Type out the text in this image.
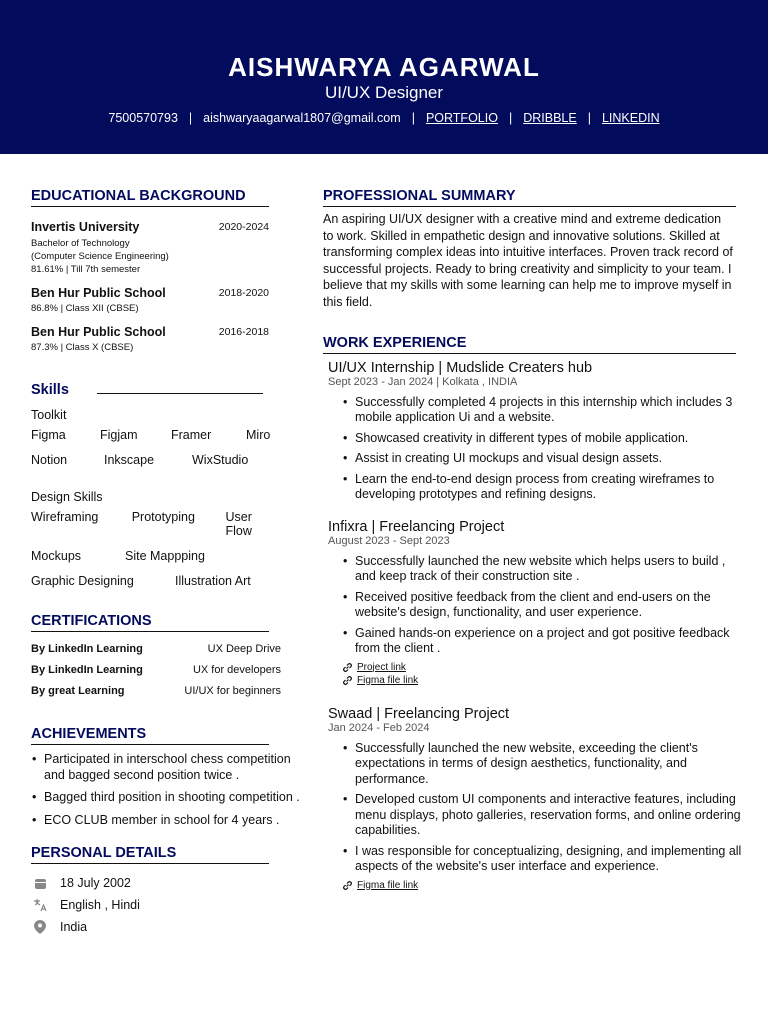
AISHWARYA AGARWAL
UI/UX Designer
7500570793 | aishwaryaagarwal1807@gmail.com | PORTFOLIO | DRIBBLE | LINKEDIN
EDUCATIONAL BACKGROUND
Invertis University	2020-2024
Bachelor of Technology
(Computer Science Engineering)
81.61% | Till 7th semester
Ben Hur Public School	2018-2020
86.8% | Class XII (CBSE)
Ben Hur Public School	2016-2018
87.3% | Class X (CBSE)
Skills
Toolkit
Figma	Figjam	Framer	Miro
Notion	Inkscape	WixStudio
Design Skills
Wireframing	Prototyping	User Flow
Mockups	Site Mappping
Graphic Designing	Illustration Art
CERTIFICATIONS
By LinkedIn Learning	UX Deep Drive
By LinkedIn Learning	UX for developers
By great Learning	UI/UX for beginners
ACHIEVEMENTS
• Participated in interschool chess competition and bagged second position twice .
• Bagged third position in shooting competition .
• ECO CLUB member in school for 4 years .
PERSONAL DETAILS
18 July 2002
English , Hindi
India
PROFESSIONAL SUMMARY

An aspiring UI/UX designer with a creative mind and extreme dedication to work. Skilled in empathetic design and innovative solutions. Skilled at transforming complex ideas into intuitive interfaces. Proven track record of successful projects. Ready to bring creativity and simplicity to your team. I believe that my skills with some learning can help me to improve myself in this field.

WORK EXPERIENCE
UI/UX Internship | Mudslide Creaters hub
Sept 2023 - Jan 2024 | Kolkata , INDIA
• Successfully completed 4 projects in this internship which includes 3 mobile application Ui and a website.
• Showcased creativity in different types of mobile application.
• Assist in creating UI mockups and visual design assets.
• Learn the end-to-end design process from creating wireframes to developing prototypes and refining designs.
Infixra | Freelancing Project
August 2023 - Sept 2023
• Successfully launched the new website which helps users to build , and keep track of their construction site .
• Received positive feedback from the client and end-users on the website's design, functionality, and user experience.
• Gained hands-on experience on a project and got positive feedback from the client .
Project link
Figma file link
Swaad | Freelancing Project
Jan 2024 - Feb 2024
• Successfully launched the new website, exceeding the client's expectations in terms of design aesthetics, functionality, and performance.
• Developed custom UI components and interactive features, including menu displays, photo galleries, reservation forms, and online ordering capabilities.
• I was responsible for conceptualizing, designing, and implementing all aspects of the website's user interface and experience.
Figma file link
